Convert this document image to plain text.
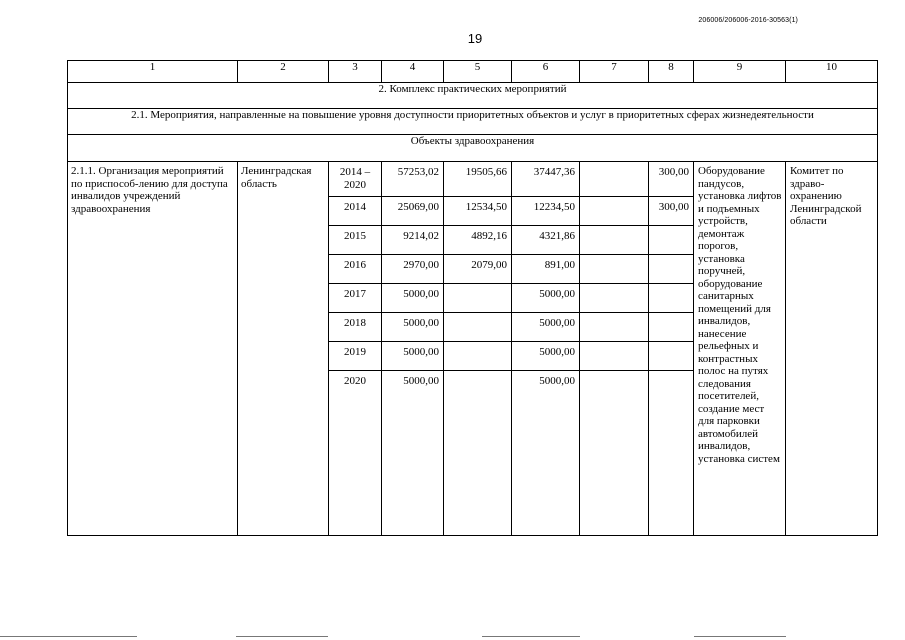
206006/206006-2016-30563(1)
19
1	2	3	4	5	6	7	8	9	10
2. Комплекс практических мероприятий									
2.1. Мероприятия, направленные на повышение уровня доступности приоритетных объектов и услуг в приоритетных сферах жизнедеятельности									
Объекты здравоохранения									
2.1.1. Организация мероприятий по приспособ-лению для доступа инвалидов учреждений здравоохранения	Ленинградская область	2014 – 2020	57253,02	19505,66	37447,36		300,00	Оборудование пандусов, установка лифтов и подъемных устройств, демонтаж порогов, установка поручней, оборудование санитарных помещений для инвалидов, нанесение рельефных и контрастных полос на путях следования посетителей, создание мест для парковки автомобилей инвалидов, установка систем	Комитет по здраво-охранению Ленинградской области
		2014	25069,00	12534,50	12234,50		300,00		
		2015	9214,02	4892,16	4321,86				
		2016	2970,00	2079,00	891,00				
		2017	5000,00		5000,00				
		2018	5000,00		5000,00				
		2019	5000,00		5000,00				
		2020	5000,00		5000,00				
